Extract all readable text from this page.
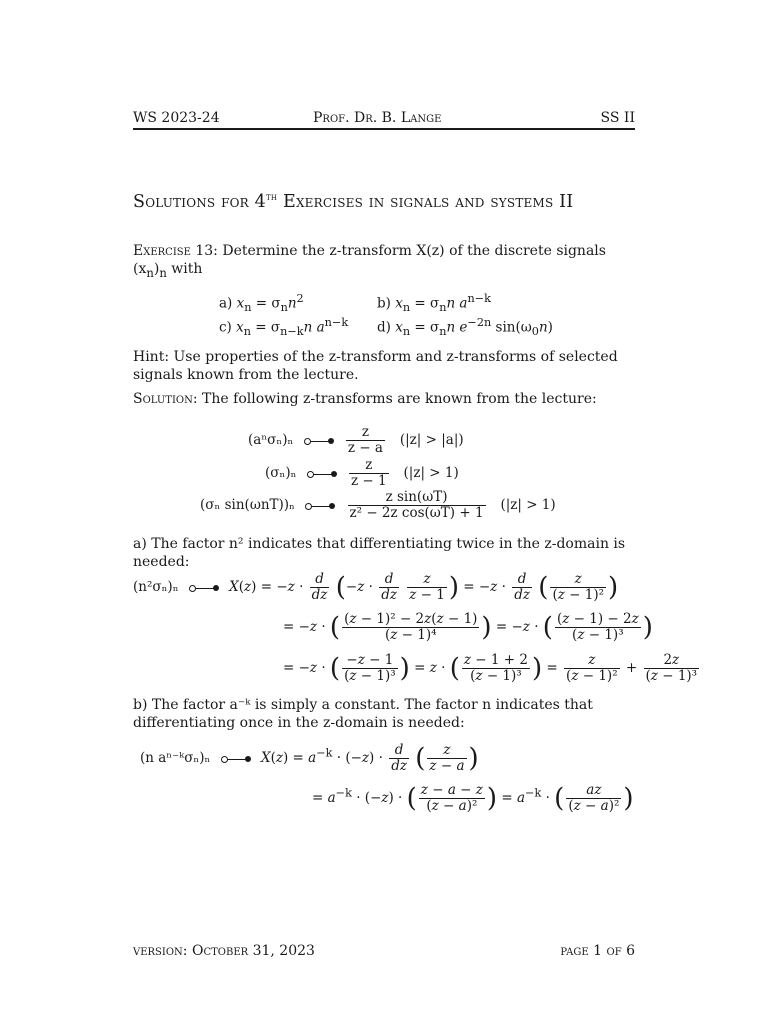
WS 2023-24	Prof. Dr. B. Lange	SS II
Solutions for 4th Exercises in signals and systems II
Exercise 13: Determine the z-transform X(z) of the discrete signals $(x_n)_n$ with
a) $x_n = \sigma_nn^2$	b) $x_n = \sigma_nn$ $a^{n-k}$
c) $x_n = \sigma_{n-k}n$ $a^{n-k}$ d) $x_n = \sigma_nn$ $e^{-2n}$ $\sin(\omega_0n)$
Hint: Use properties of the z-transform and z-transforms of selected signals known from the lecture.
Solution: The following z-transforms are known from the lecture:
(aⁿσₙ)ₙ
	$\frac{z}{z - a} (|z| > |a|)$
(σₙ)ₙ
	$\frac{z}{z - 1} (|z| > 1)$
(σₙ sin(ωnT))ₙ
	$\frac{\text{z sin(ωT)}}{\text{z² − 2z cos(ωT) + 1}} (|z| > 1)$
a) The factor n² indicates that differentiating twice in the z-domain is needed:
(n²σₙ)ₙ	$X(z) = -z \cdot \frac{d}{dz} (-z \cdot \frac{d}{dz}$
$\frac{z}{z - 1}$ ) = $-z \cdot \frac{d}{dz}$ ( $\frac{z}{\text{(z − 1)²}}$ )
= −z · ( $\frac{\text{(z − 1)² − 2z(z − 1)}}{\text{(z − 1)⁴}}$ ) = −z · ( $\frac{(z - 1) - 2z}{\text{(z − 1)³}}$ )
= −z · ( $\frac{-z - 1}{\text{(z − 1)³}}$ ) = z · ( $\frac{z - 1 + 2}{\text{(z − 1)³}}$ ) = $\frac{z}{\text{(z − 1)²}} + \frac{2z}{\text{(z − 1)³}}$
b) The factor a⁻ᵏ is simply a constant. The factor n indicates that differentiating once in the z-domain is needed:
(n aⁿ⁻ᵏσₙ)ₙ	$X(z) = a^{-k} \cdot (-z) \cdot \frac{d}{dz}$ ( $\frac{z}{z - a}$ )
= $a^{-k} \cdot (-z)$ · ( $\frac{z - a - z}{\text{(z − a)²}}$ ) = $a^{-k}$ · ( $\frac{az}{\text{(z − a)²}}$ )
version: October 31, 2023	page 1 of 6
